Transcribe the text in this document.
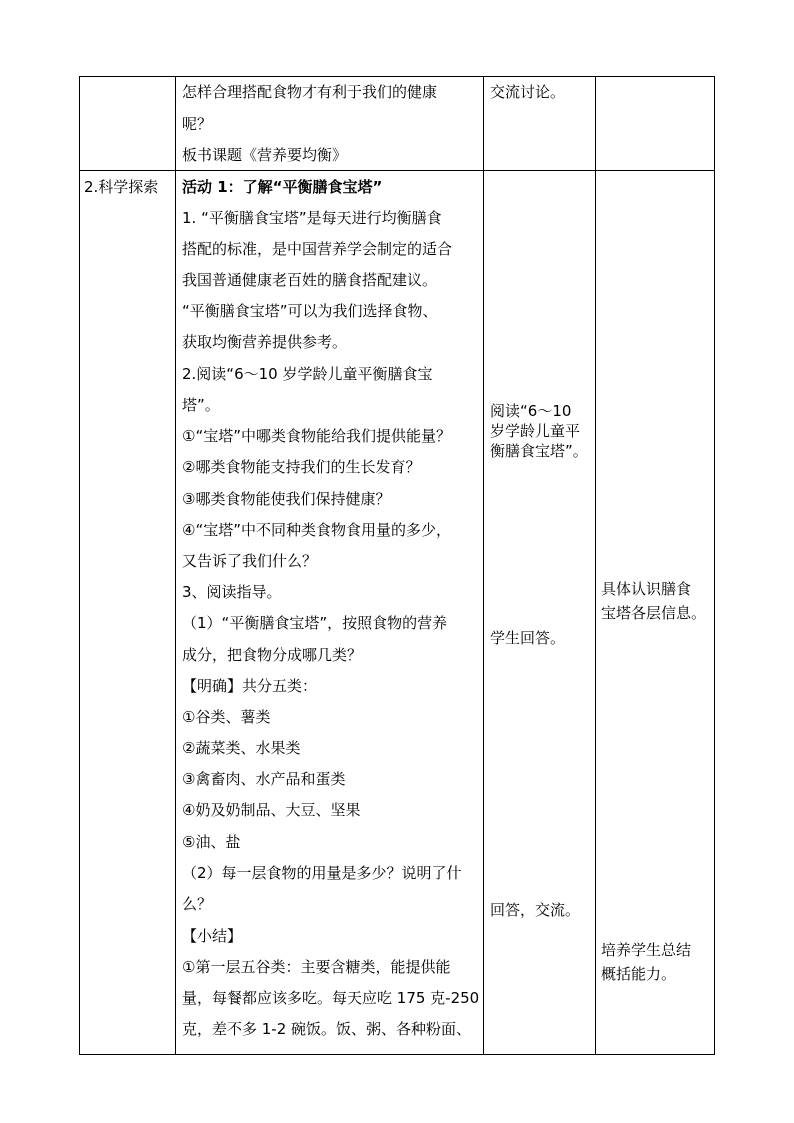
怎样合理搭配食物才有利于我们的健康
呢？
板书课题《营养要均衡》
交流讨论。
2.科学探索 活动 1：了解“平衡膳食宝塔”
1. “平衡膳食宝塔”是每天进行均衡膳食
搭配的标准，是中国营养学会制定的适合
我国普通健康老百姓的膳食搭配建议。
“平衡膳食宝塔”可以为我们选择食物、
获取均衡营养提供参考。
2.阅读“6～10 岁学龄儿童平衡膳食宝
塔”。
①“宝塔”中哪类食物能给我们提供能量？
②哪类食物能支持我们的生长发育？
③哪类食物能使我们保持健康？
④“宝塔”中不同种类食物食用量的多少，
又告诉了我们什么？
3、阅读指导。
（1）“平衡膳食宝塔”，按照食物的营养
成分，把食物分成哪几类？
【明确】共分五类：
①谷类、薯类
②蔬菜类、水果类
③禽畜肉、水产品和蛋类
④奶及奶制品、大豆、坚果
⑤油、盐
（2）每一层食物的用量是多少？说明了什
么？
【小结】
①第一层五谷类：主要含糖类，能提供能
量，每餐都应该多吃。每天应吃 175 克-250
克，差不多 1-2 碗饭。饭、粥、各种粉面、
阅读“6～10
岁学龄儿童平
衡膳食宝塔”。
学生回答。
回答，交流。
具体认识膳食
宝塔各层信息。
培养学生总结
概括能力。
